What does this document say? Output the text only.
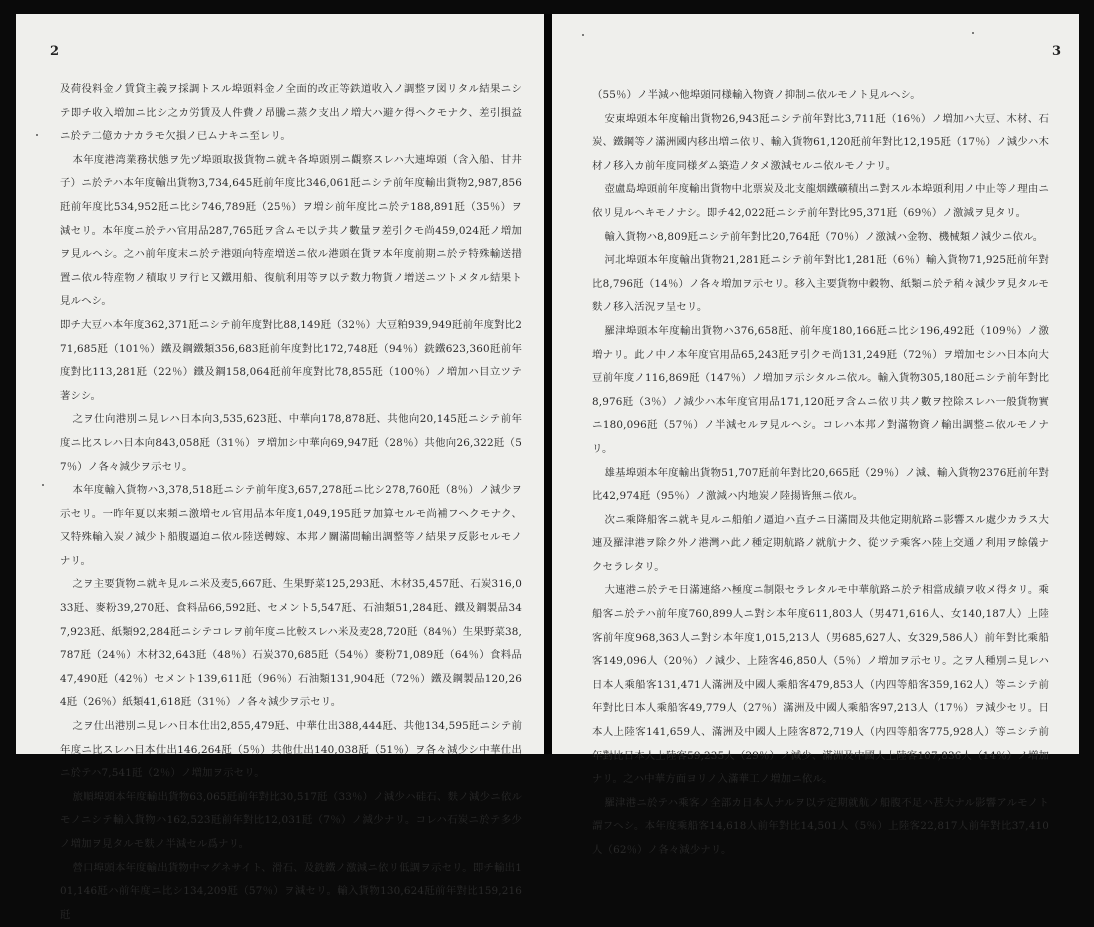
2

及荷役料金ノ賃貸主義ヲ採調トスル埠頭料金ノ全面的改正等鉄道收入ノ調整ヲ図リタル結果ニシテ即チ收入増加ニ比シ之カ労賃及人件費ノ昂騰ニ蒸ク支出ノ増大ハ避ケ得ヘクモナク、差引損益ニ於テ二億カナカラモ欠損ノ已ムナキニ至レリ。

本年度港湾業務状態ヲ先ヅ埠頭取扱貨物ニ就キ各埠頭別ニ觀察スレハ大連埠頭（含入船、甘井子）ニ於テハ本年度輸出貨物3,734,645瓩前年度比346,061瓩ニシテ前年度輸出貨物2,987,856瓩前年度比534,952瓩ニ比シ746,789瓩（25％）ヲ増シ前年度比ニ於テ188,891瓩（35％）ヲ減セリ。本年度ニ於テハ官用品287,765瓩ヲ含ムモ以テ共ノ數量ヲ差引クモ尚459,024瓩ノ増加ヲ見ルヘシ。之ハ前年度末ニ於テ港頭向特産増送ニ依ル港頭在貨ヲ本年度前期ニ於テ特殊輸送措置ニ依ル特産物ノ積取リヲ行ヒ又鐵用船、復航利用等ヲ以テ数力物貨ノ增送ニツトメタル結果ト見ルヘシ。

即チ大豆ハ本年度362,371瓩ニシテ前年度對比88,149瓩（32％）大豆粕939,949瓩前年度對比271,685瓩（101％）鐵及鋼鐵類356,683瓩前年度對比172,748瓩（94％）銑鐵623,360瓩前年度對比113,281瓩（22％）鐵及鋼158,064瓩前年度對比78,855瓩（100％）ノ増加ハ目立ツテ著シシ。

之ヲ仕向港別ニ見レハ日本向3,535,623瓩、中華向178,878瓩、共他向20,145瓩ニシテ前年度ニ比スレハ日本向843,058瓩（31％）ヲ増加シ中華向69,947瓩（28％）共他向26,322瓩（57％）ノ各々減少ヲ示セリ。

本年度輸入貨物ハ3,378,518瓩ニシテ前年度3,657,278瓩ニ比シ278,760瓩（8％）ノ減少ヲ示セリ。一昨年夏以来頻ニ激増セル官用品本年度1,049,195瓩ヲ加算セルモ尚補フヘクモナク、又特殊輸入炭ノ減少ト船腹逼迫ニ依ル陸送轉嫁、本邦ノ關滿間輸出調整等ノ結果ヲ反影セルモノナリ。

之ヲ主要貨物ニ就キ見ルニ米及麦5,667瓩、生果野菜125,293瓩、木材35,457瓩、石炭316,033瓩、麥粉39,270瓩、食料品66,592瓩、セメント5,547瓩、石油類51,284瓩、鐵及鋼製品347,923瓩、紙類92,284瓩ニシテコレヲ前年度ニ比較スレハ米及麦28,720瓩（84％）生果野菜38,787瓩（24％）木材32,643瓩（48％）石炭370,685瓩（54％）麥粉71,089瓩（64％）食料品47,490瓩（42％）セメント139,611瓩（96％）石油類131,904瓩（72％）鐵及鋼製品120,264瓩（26％）紙類41,618瓩（31％）ノ各々減少ヲ示セリ。

之ヲ仕出港別ニ見レハ日本仕出2,855,479瓩、中華仕出388,444瓩、共他134,595瓩ニシテ前年度ニ比スレハ日本仕出146,264瓩（5％）共他仕出140,038瓩（51％）ヲ各々減少シ中華仕出ニ於テハ7,541瓩（2％）ノ増加ヲ示セリ。

旅順埠頭本年度輸出貨物63,065瓩前年對比30,517瓩（33％）ノ減少ハ硅石、麩ノ減少ニ依ルモノニシテ輸入貨物ハ162,523瓩前年對比12,031瓩（7％）ノ減少ナリ。コレハ石炭ニ於テ多少ノ増加ヲ見タルモ麩ノ半減セル爲ナリ。

營口埠頭本年度輸出貨物中マグネサイト、滑石、及銑鐵ノ激減ニ依リ低調ヲ示セリ。即チ輸出101,146瓩ハ前年度ニ比シ134,209瓩（57％）ヲ減セリ。輸入貨物130,624瓩前年對比159,216瓩

3

（55％）ノ半減ハ他埠頭同様輸入物資ノ抑制ニ依ルモノト見ルヘシ。

安東埠頭本年度輸出貨物26,943瓩ニシテ前年對比3,711瓩（16％）ノ増加ハ大豆、木材、石炭、鐵鋼等ノ滿洲國内移出増ニ依リ、輸入貨物61,120瓩前年對比12,195瓩（17％）ノ減少ハ木材ノ移入カ前年度同様ダム築造ノタメ激減セルニ依ルモノナリ。

壺盧島埠頭前年度輸出貨物中北票炭及北支龍烟鐵礦積出ニ對スル本埠頭利用ノ中止等ノ理由ニ依リ見ルヘキモノナシ。即チ42,022瓩ニシテ前年對比95,371瓩（69％）ノ激減ヲ見タリ。

輸入貨物ハ8,809瓩ニシテ前年對比20,764瓩（70％）ノ激減ハ金物、機械類ノ減少ニ依ル。

河北埠頭本年度輸出貨物21,281瓩ニシテ前年對比1,281瓩（6％）輸入貨物71,925瓩前年對比8,796瓩（14％）ノ各々増加ヲ示セリ。移入主要貨物中穀物、紙類ニ於テ稍々減少ヲ見タルモ麩ノ移入活況ヲ呈セリ。

羅津埠頭本年度輸出貨物ハ376,658瓩、前年度180,166瓩ニ比シ196,492瓩（109％）ノ激増ナリ。此ノ中ノ本年度官用品65,243瓩ヲ引クモ尚131,249瓩（72％）ヲ増加セシハ日本向大豆前年度ノ116,869瓩（147％）ノ増加ヲ示シタルニ依ル。輸入貨物305,180瓩ニシテ前年對比8,976瓩（3％）ノ減少ハ本年度官用品171,120瓩ヲ含ムニ依リ共ノ數ヲ控除スレハ一般貨物實ニ180,096瓩（57％）ノ半減セルヲ見ルヘシ。コレハ本邦ノ對滿物資ノ輸出調整ニ依ルモノナリ。

雄基埠頭本年度輸出貨物51,707瓩前年對比20,665瓩（29％）ノ減、輸入貨物2376瓩前年對比42,974瓩（95％）ノ激減ハ内地炭ノ陸揚皆無ニ依ル。

次ニ乘降船客ニ就キ見ルニ船舶ノ逼迫ハ直チニ日滿間及共他定期航路ニ影響スル處少カラス大連及羅津港ヲ除ク外ノ港灣ハ此ノ種定期航路ノ就航ナク、從ツテ乘客ハ陸上交通ノ利用ヲ餘儀ナクセラレタリ。

大連港ニ於テモ日滿連絡ハ極度ニ制限セラレタルモ中華航路ニ於テ相當成績ヲ收メ得タリ。乘船客ニ於テハ前年度760,899人ニ對シ本年度611,803人（男471,616人、女140,187人）上陸客前年度968,363人ニ對シ本年度1,015,213人（男685,627人、女329,586人）前年對比乘船客149,096人（20％）ノ減少、上陸客46,850人（5％）ノ増加ヲ示セリ。之ヲ人種別ニ見レハ日本人乘船客131,471人滿洲及中國人乘船客479,853人（内四等船客359,162人）等ニシテ前年對比日本人乘船客49,779人（27％）滿洲及中國人乘船客97,213人（17％）ヲ減少セリ。日本人上陸客141,659人、滿洲及中國人上陸客872,719人（内四等船客775,928人）等ニシテ前年對比日本人上陸客59,235人（29％）ノ減少、滿洲及中國人上陸客107,836人（14％）ノ増加ナリ。之ハ中華方面ヨリノ入滿華工ノ増加ニ依ル。

羅津港ニ於テハ乘客ノ全部カ日本人ナルヲ以テ定期就航ノ船腹不足ハ甚大ナル影響アルモノト謂フヘシ。本年度乘船客14,618人前年對比14,501人（5％）上陸客22,817人前年對比37,410人（62％）ノ各々減少ナリ。
